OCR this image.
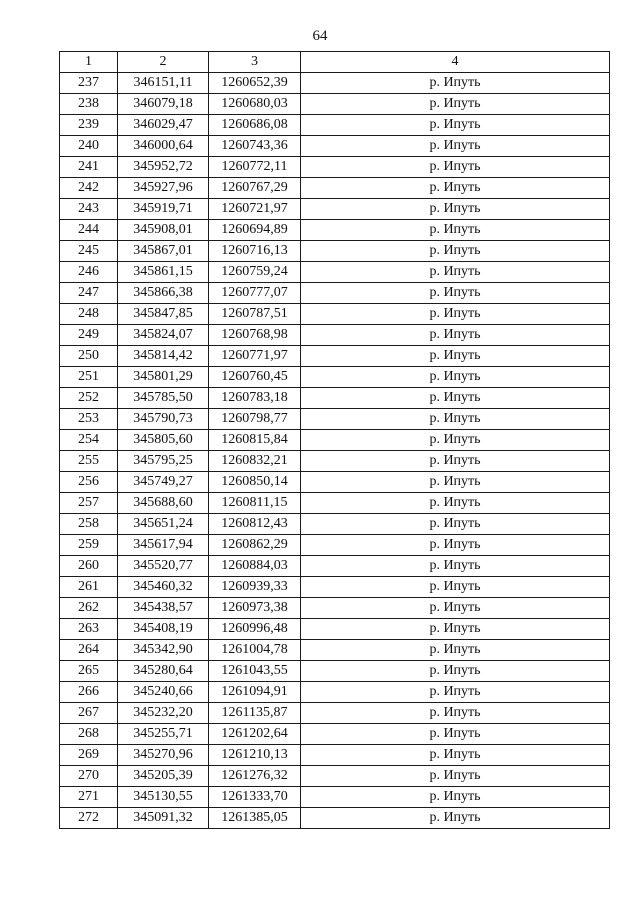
64
1	2	3	4
237	346151,11	1260652,39	р. Ипуть
238	346079,18	1260680,03	р. Ипуть
239	346029,47	1260686,08	р. Ипуть
240	346000,64	1260743,36	р. Ипуть
241	345952,72	1260772,11	р. Ипуть
242	345927,96	1260767,29	р. Ипуть
243	345919,71	1260721,97	р. Ипуть
244	345908,01	1260694,89	р. Ипуть
245	345867,01	1260716,13	р. Ипуть
246	345861,15	1260759,24	р. Ипуть
247	345866,38	1260777,07	р. Ипуть
248	345847,85	1260787,51	р. Ипуть
249	345824,07	1260768,98	р. Ипуть
250	345814,42	1260771,97	р. Ипуть
251	345801,29	1260760,45	р. Ипуть
252	345785,50	1260783,18	р. Ипуть
253	345790,73	1260798,77	р. Ипуть
254	345805,60	1260815,84	р. Ипуть
255	345795,25	1260832,21	р. Ипуть
256	345749,27	1260850,14	р. Ипуть
257	345688,60	1260811,15	р. Ипуть
258	345651,24	1260812,43	р. Ипуть
259	345617,94	1260862,29	р. Ипуть
260	345520,77	1260884,03	р. Ипуть
261	345460,32	1260939,33	р. Ипуть
262	345438,57	1260973,38	р. Ипуть
263	345408,19	1260996,48	р. Ипуть
264	345342,90	1261004,78	р. Ипуть
265	345280,64	1261043,55	р. Ипуть
266	345240,66	1261094,91	р. Ипуть
267	345232,20	1261135,87	р. Ипуть
268	345255,71	1261202,64	р. Ипуть
269	345270,96	1261210,13	р. Ипуть
270	345205,39	1261276,32	р. Ипуть
271	345130,55	1261333,70	р. Ипуть
272	345091,32	1261385,05	р. Ипуть
